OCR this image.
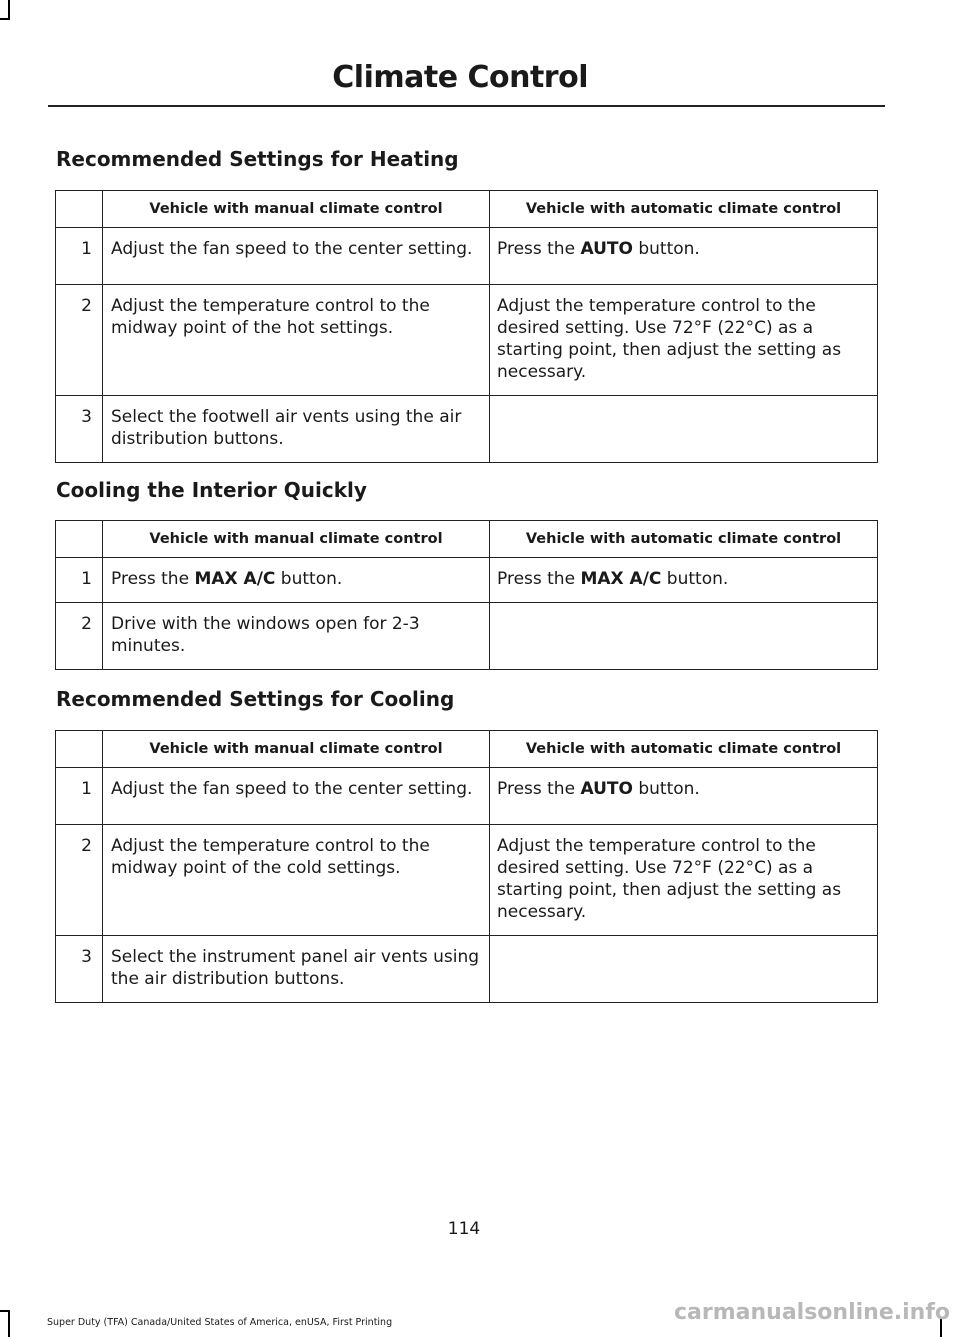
Climate Control
Recommended Settings for Heating
	Vehicle with manual climate control	Vehicle with automatic climate control
1	Adjust the fan speed to the center setting.	Press the AUTO button.
2	Adjust the temperature control to the midway point of the hot settings.	Adjust the temperature control to the desired setting. Use 72°F (22°C) as a starting point, then adjust the setting as necessary.
3	Select the footwell air vents using the air distribution buttons.	
Cooling the Interior Quickly
	Vehicle with manual climate control	Vehicle with automatic climate control
1	Press the MAX A/C button.	Press the MAX A/C button.
2	Drive with the windows open for 2-3 minutes.	
Recommended Settings for Cooling
	Vehicle with manual climate control	Vehicle with automatic climate control
1	Adjust the fan speed to the center setting.	Press the AUTO button.
2	Adjust the temperature control to the midway point of the cold settings.	Adjust the temperature control to the desired setting. Use 72°F (22°C) as a starting point, then adjust the setting as necessary.
3	Select the instrument panel air vents using the air distribution buttons.	
114
Super Duty (TFA) Canada/United States of America, enUSA, First Printing	carmanualsonline.info
